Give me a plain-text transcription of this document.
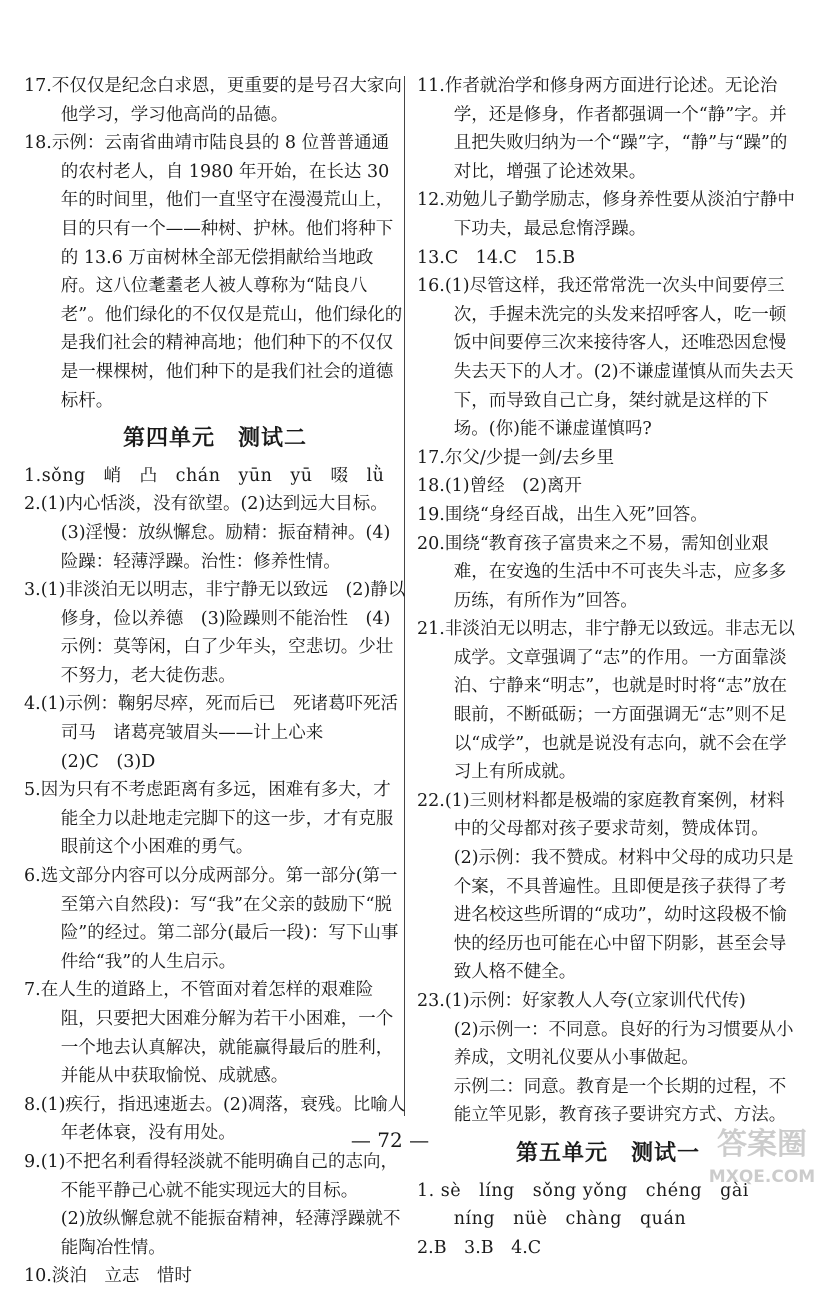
17.不仅仅是纪念白求恩，更重要的是号召大家向他学习，学习他高尚的品德。

18.示例：云南省曲靖市陆良县的 8 位普普通通的农村老人，自 1980 年开始，在长达 30 年的时间里，他们一直坚守在漫漫荒山上，目的只有一个——种树、护林。他们将种下的 13.6 万亩树林全部无偿捐献给当地政府。这八位耄耋老人被人尊称为“陆良八老”。他们绿化的不仅仅是荒山，他们绿化的是我们社会的精神高地；他们种下的不仅仅是一棵棵树，他们种下的是我们社会的道德标杆。

第四单元　测试二

1.sǒng　峭　凸　chán　yūn　yū　啜　lǜ

2.(1)内心恬淡，没有欲望。(2)达到远大目标。(3)淫慢：放纵懈怠。励精：振奋精神。(4)险躁：轻薄浮躁。治性：修养性情。

3.(1)非淡泊无以明志，非宁静无以致远　(2)静以修身，俭以养德　(3)险躁则不能治性　(4)示例：莫等闲，白了少年头，空悲切。少壮不努力，老大徒伤悲。

4.(1)示例：鞠躬尽瘁，死而后已　死诸葛吓死活司马　诸葛亮皱眉头——计上心来

(2)C　(3)D

5.因为只有不考虑距离有多远，困难有多大，才能全力以赴地走完脚下的这一步，才有克服眼前这个小困难的勇气。

6.选文部分内容可以分成两部分。第一部分(第一至第六自然段)：写“我”在父亲的鼓励下“脱险”的经过。第二部分(最后一段)：写下山事件给“我”的人生启示。

7.在人生的道路上，不管面对着怎样的艰难险阻，只要把大困难分解为若干小困难，一个一个地去认真解决，就能赢得最后的胜利，并能从中获取愉悦、成就感。

8.(1)疾行，指迅速逝去。(2)凋落，衰残。比喻人年老体衰，没有用处。

9.(1)不把名利看得轻淡就不能明确自己的志向，不能平静己心就不能实现远大的目标。

(2)放纵懈怠就不能振奋精神，轻薄浮躁就不能陶冶性情。

10.淡泊　立志　惜时

11.作者就治学和修身两方面进行论述。无论治学，还是修身，作者都强调一个“静”字。并且把失败归纳为一个“躁”字，“静”与“躁”的对比，增强了论述效果。

12.劝勉儿子勤学励志，修身养性要从淡泊宁静中下功夫，最忌怠惰浮躁。

13.C　14.C　15.B

16.(1)尽管这样，我还常常洗一次头中间要停三次，手握未洗完的头发来招呼客人，吃一顿饭中间要停三次来接待客人，还唯恐因怠慢失去天下的人才。(2)不谦虚谨慎从而失去天下，而导致自己亡身，桀纣就是这样的下场。(你)能不谦虚谨慎吗?

17.尔父/少提一剑/去乡里

18.(1)曾经　(2)离开

19.围绕“身经百战，出生入死”回答。

20.围绕“教育孩子富贵来之不易，需知创业艰难，在安逸的生活中不可丧失斗志，应多多历练，有所作为”回答。

21.非淡泊无以明志，非宁静无以致远。非志无以成学。文章强调了“志”的作用。一方面靠淡泊、宁静来“明志”，也就是时时将“志”放在眼前，不断砥砺；一方面强调无“志”则不足以“成学”，也就是说没有志向，就不会在学习上有所成就。

22.(1)三则材料都是极端的家庭教育案例，材料中的父母都对孩子要求苛刻，赞成体罚。

(2)示例：我不赞成。材料中父母的成功只是个案，不具普遍性。且即便是孩子获得了考进名校这些所谓的“成功”，幼时这段极不愉快的经历也可能在心中留下阴影，甚至会导致人格不健全。

23.(1)示例：好家教人人夸(立家训代代传)

(2)示例一：不同意。良好的行为习惯要从小养成，文明礼仪要从小事做起。

示例二：同意。教育是一个长期的过程，不能立竿见影，教育孩子要讲究方式、方法。

第五单元　测试一

1. sè　líng　sǒng yǒng　chéng　gài

níng　nüè　chàng　quán

2.B　3.B　4.C

— 72 —	答案圈
MXQE.COM
